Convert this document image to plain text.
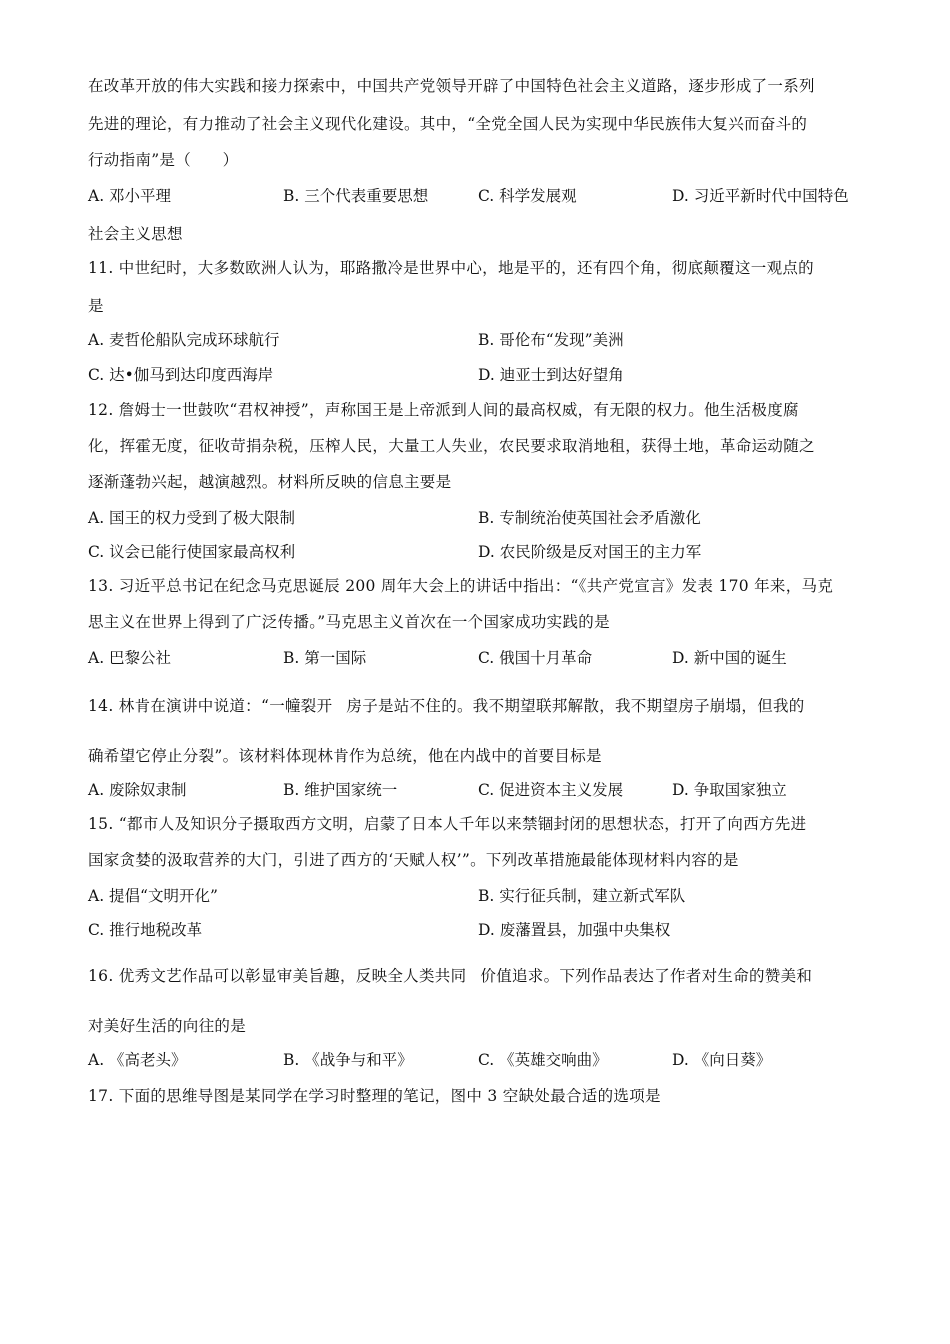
在改革开放的伟大实践和接力探索中，中国共产党领导开辟了中国特色社会主义道路，逐步形成了一系列
先进的理论，有力推动了社会主义现代化建设。其中，“全党全国人民为实现中华民族伟大复兴而奋斗的
行动指南”是（　　）
A. 邓小平理	B. 三个代表重要思想	C. 科学发展观	D. 习近平新时代中国特色
社会主义思想
11. 中世纪时，大多数欧洲人认为，耶路撒冷是世界中心，地是平的，还有四个角，彻底颠覆这一观点的
是
A. 麦哲伦船队完成环球航行	B. 哥伦布“发现”美洲
C. 达•伽马到达印度西海岸	D. 迪亚士到达好望角
12. 詹姆士一世鼓吹“君权神授”，声称国王是上帝派到人间的最高权威，有无限的权力。他生活极度腐
化，挥霍无度，征收苛捐杂税，压榨人民，大量工人失业，农民要求取消地租，获得土地，革命运动随之
逐渐蓬勃兴起，越演越烈。材料所反映的信息主要是
A. 国王的权力受到了极大限制	B. 专制统治使英国社会矛盾激化
C. 议会已能行使国家最高权利	D. 农民阶级是反对国王的主力军
13. 习近平总书记在纪念马克思诞辰 200 周年大会上的讲话中指出：“《共产党宣言》发表 170 年来，马克
思主义在世界上得到了广泛传播。”马克思主义首次在一个国家成功实践的是
A. 巴黎公社	B. 第一国际	C. 俄国十月革命	D. 新中国的诞生
14. 林肯在演讲中说道：“一幢裂开 房子是站不住的。我不期望联邦解散，我不期望房子崩塌，但我的
确希望它停止分裂”。该材料体现林肯作为总统，他在内战中的首要目标是
A. 废除奴隶制	B. 维护国家统一	C. 促进资本主义发展	D. 争取国家独立
15. “都市人及知识分子摄取西方文明，启蒙了日本人千年以来禁锢封闭的思想状态，打开了向西方先进
国家贪婪的汲取营养的大门，引进了西方的‘天赋人权’”。下列改革措施最能体现材料内容的是
A. 提倡“文明开化”	B. 实行征兵制，建立新式军队
C. 推行地税改革	D. 废藩置县，加强中央集权
16. 优秀文艺作品可以彰显审美旨趣，反映全人类共同 价值追求。下列作品表达了作者对生命的赞美和
对美好生活的向往的是
A. 《高老头》	B. 《战争与和平》	C. 《英雄交响曲》	D. 《向日葵》
17. 下面的思维导图是某同学在学习时整理的笔记，图中 3 空缺处最合适的选项是
